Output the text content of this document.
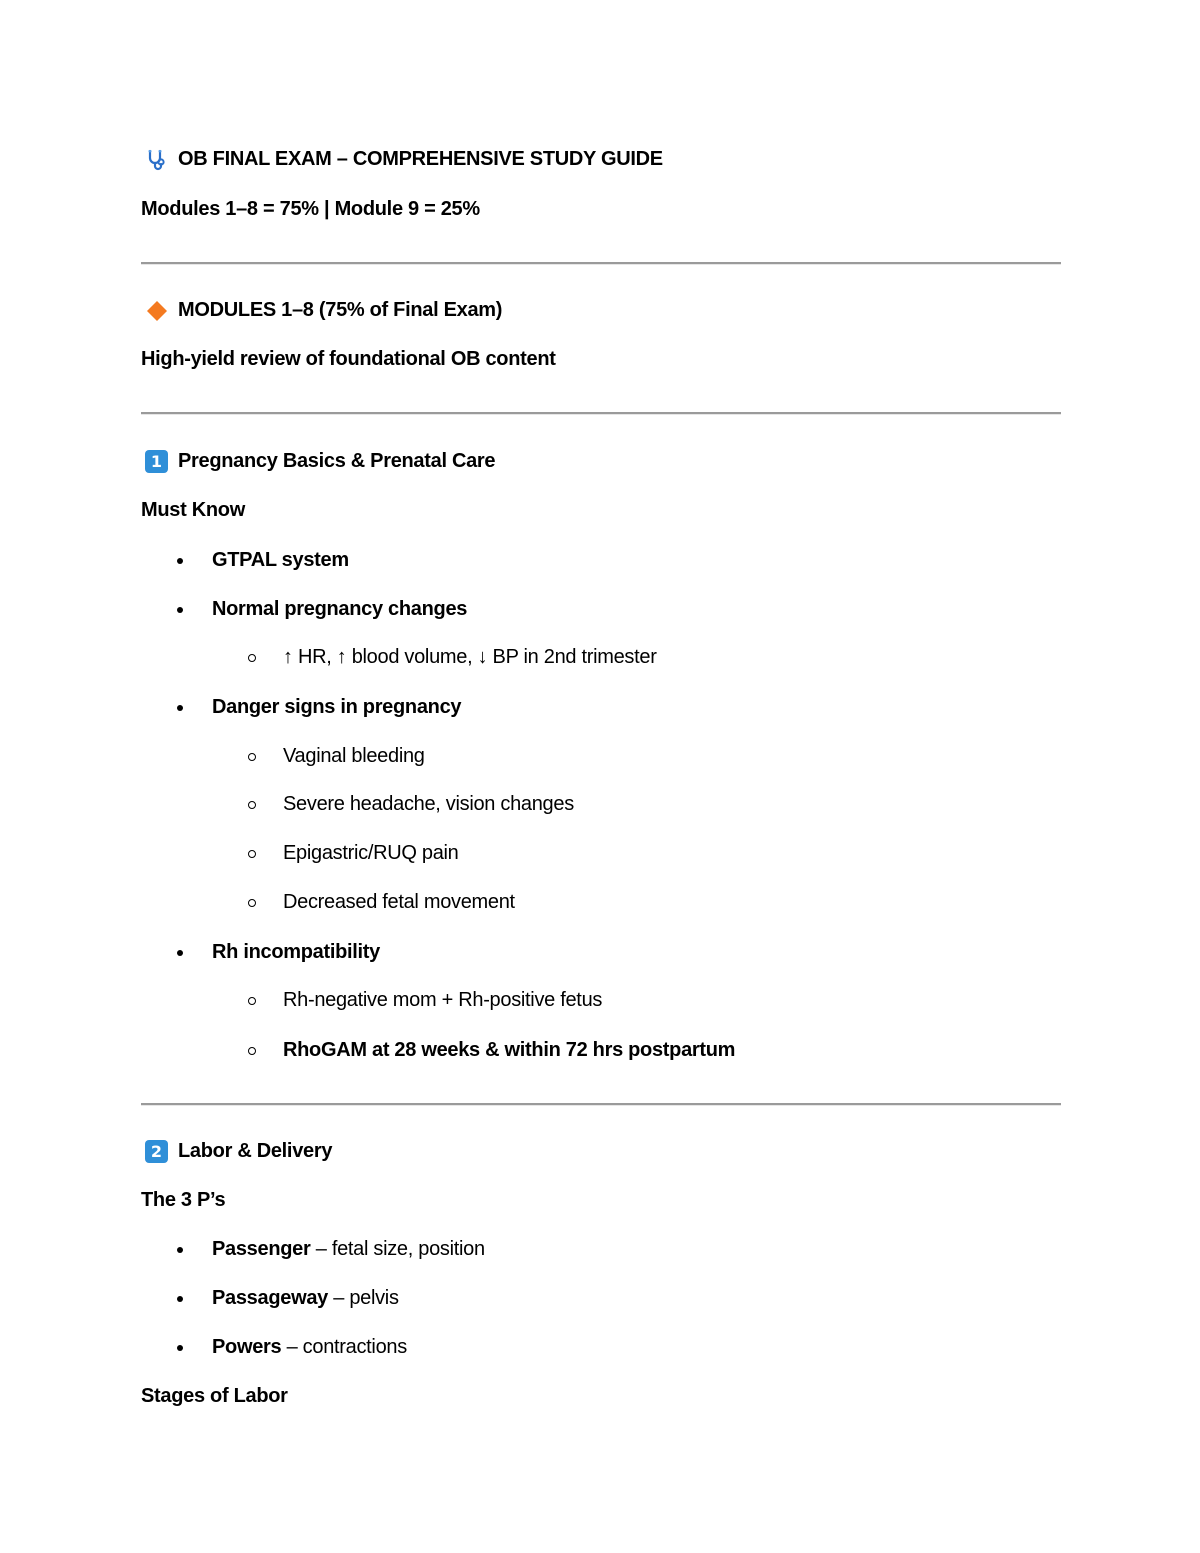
OB FINAL EXAM – COMPREHENSIVE STUDY GUIDE
Modules 1–8 = 75% | Module 9 = 25%
MODULES 1–8 (75% of Final Exam)
High-yield review of foundational OB content
1 Pregnancy Basics & Prenatal Care
Must Know
GTPAL system
Normal pregnancy changes
↑ HR, ↑ blood volume, ↓ BP in 2nd trimester
Danger signs in pregnancy
Vaginal bleeding
Severe headache, vision changes
Epigastric/RUQ pain
Decreased fetal movement
Rh incompatibility
Rh-negative mom + Rh-positive fetus
RhoGAM at 28 weeks & within 72 hrs postpartum
2 Labor & Delivery
The 3 P’s
Passenger – fetal size, position
Passageway – pelvis
Powers – contractions
Stages of Labor
